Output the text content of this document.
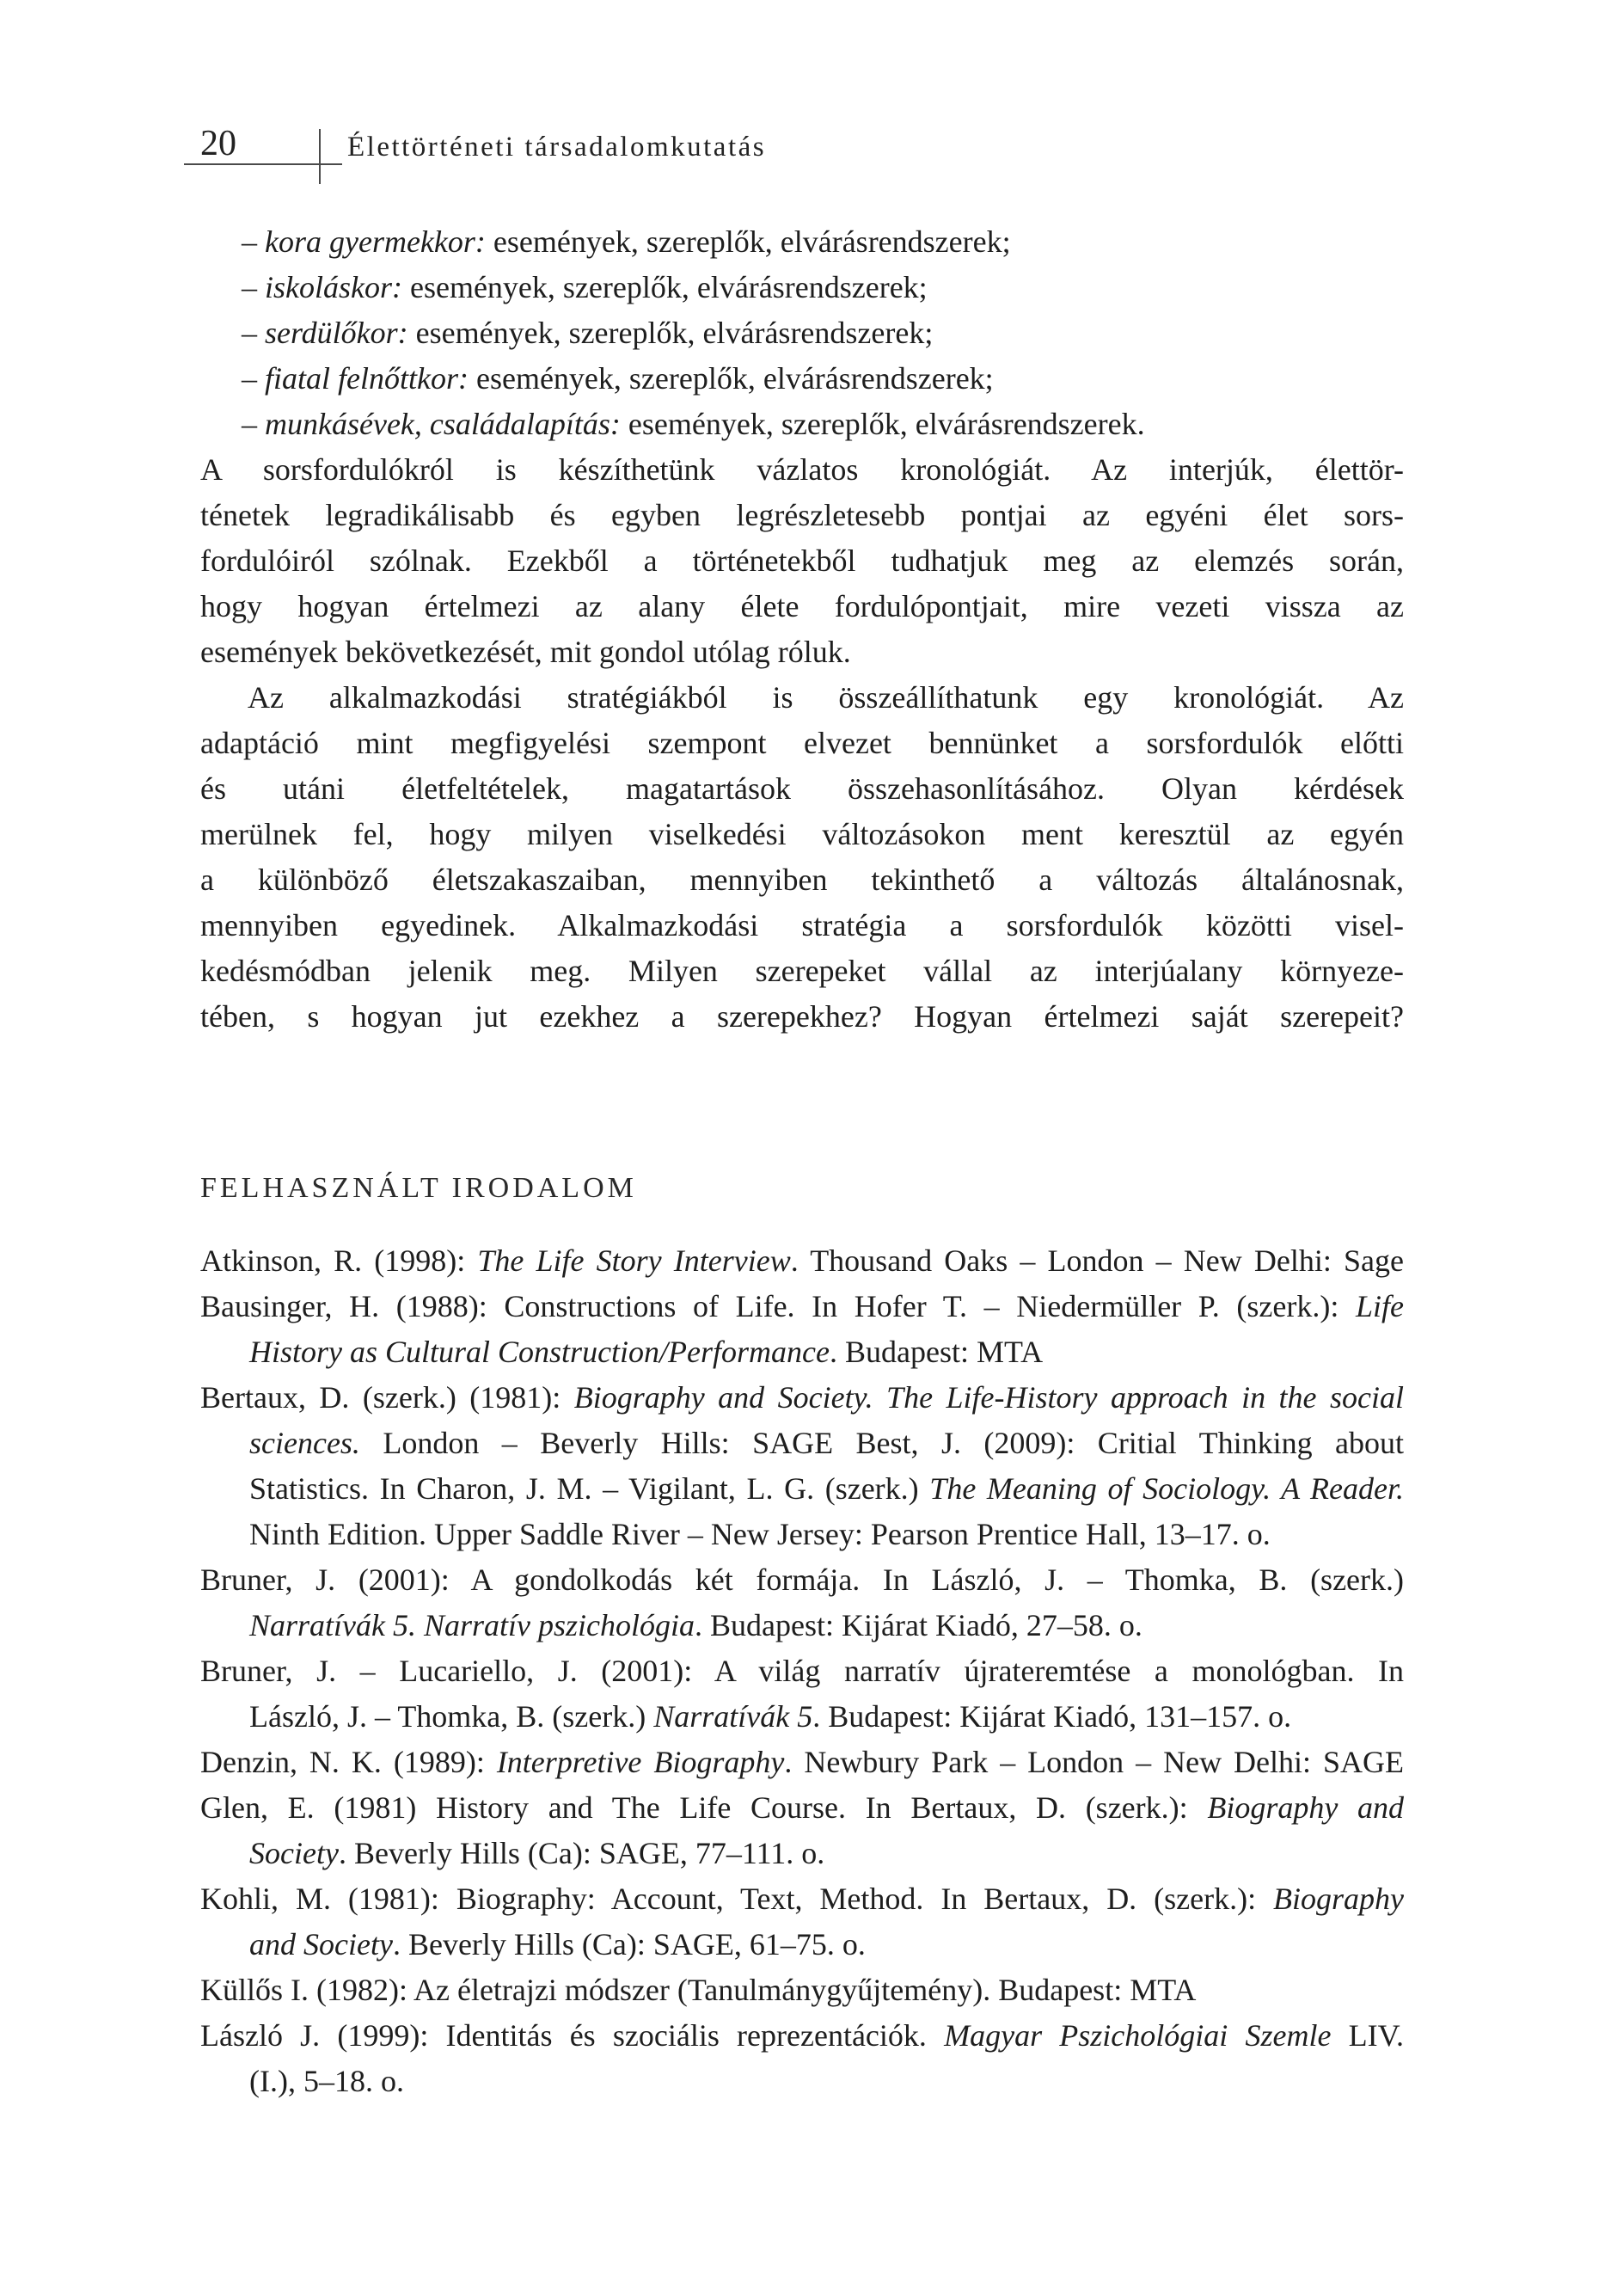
20	Élettörténeti társadalomkutatás
– kora gyermekkor: események, szereplők, elvárásrendszerek;
– iskoláskor: események, szereplők, elvárásrendszerek;
– serdülőkor: események, szereplők, elvárásrendszerek;
– fiatal felnőttkor: események, szereplők, elvárásrendszerek;
– munkásévek, családalapítás: események, szereplők, elvárásrendszerek.
A sorsfordulókról is készíthetünk vázlatos kronológiát. Az interjúk, élettör-
ténetek legradikálisabb és egyben legrészletesebb pontjai az egyéni élet sors-
fordulóiról szólnak. Ezekből a történetekből tudhatjuk meg az elemzés során,
hogy hogyan értelmezi az alany élete fordulópontjait, mire vezeti vissza az
események bekövetkezését, mit gondol utólag róluk.
Az alkalmazkodási stratégiákból is összeállíthatunk egy kronológiát. Az
adaptáció mint megfigyelési szempont elvezet bennünket a sorsfordulók előtti
és utáni életfeltételek, magatartások összehasonlításához. Olyan kérdések
merülnek fel, hogy milyen viselkedési változásokon ment keresztül az egyén
a különböző életszakaszaiban, mennyiben tekinthető a változás általánosnak,
mennyiben egyedinek. Alkalmazkodási stratégia a sorsfordulók közötti visel-
kedésmódban jelenik meg. Milyen szerepeket vállal az interjúalany környeze-
tében, s hogyan jut ezekhez a szerepekhez? Hogyan értelmezi saját szerepeit?
FELHASZNÁLT IRODALOM
Atkinson, R. (1998): The Life Story Interview. Thousand Oaks – London – New Delhi: Sage
Bausinger, H. (1988): Constructions of Life. In Hofer T. – Niedermüller P. (szerk.): Life
History as Cultural Construction/Performance. Budapest: MTA
Bertaux, D. (szerk.) (1981): Biography and Society. The Life-History approach in the social
sciences. London – Beverly Hills: SAGE Best, J. (2009): Critial Thinking about
Statistics. In Charon, J. M. – Vigilant, L. G. (szerk.) The Meaning of Sociology. A Reader.
Ninth Edition. Upper Saddle River – New Jersey: Pearson Prentice Hall, 13–17. o.
Bruner, J. (2001): A gondolkodás két formája. In László, J. – Thomka, B. (szerk.)
Narratívák 5. Narratív pszichológia. Budapest: Kijárat Kiadó, 27–58. o.
Bruner, J. – Lucariello, J. (2001): A világ narratív újrateremtése a monológban. In
László, J. – Thomka, B. (szerk.) Narratívák 5. Budapest: Kijárat Kiadó, 131–157. o.
Denzin, N. K. (1989): Interpretive Biography. Newbury Park – London – New Delhi: SAGE
Glen, E. (1981) History and The Life Course. In Bertaux, D. (szerk.): Biography and
Society. Beverly Hills (Ca): SAGE, 77–111. o.
Kohli, M. (1981): Biography: Account, Text, Method. In Bertaux, D. (szerk.): Biography
and Society. Beverly Hills (Ca): SAGE, 61–75. o.
Küllős I. (1982): Az életrajzi módszer (Tanulmánygyűjtemény). Budapest: MTA
László J. (1999): Identitás és szociális reprezentációk. Magyar Pszichológiai Szemle LIV.
(I.), 5–18. o.
